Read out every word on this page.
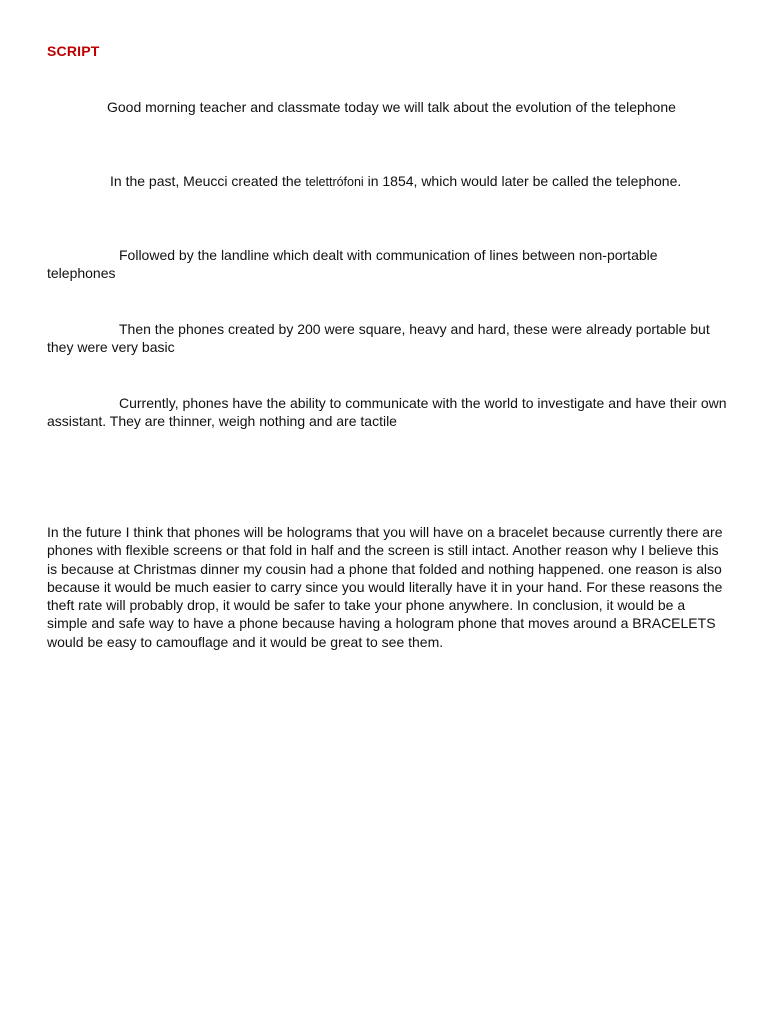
SCRIPT
Good morning teacher and classmate today we will talk about the evolution of the telephone
In the past, Meucci created the telettrófoni in 1854, which would later be called the telephone.
Followed by the landline which dealt with communication of lines between non-portable telephones
Then the phones created by 200 were square, heavy and hard, these were already portable but they were very basic
Currently, phones have the ability to communicate with the world to investigate and have their own assistant. They are thinner, weigh nothing and are tactile
In the future I think that phones will be holograms that you will have on a bracelet because currently there are phones with flexible screens or that fold in half and the screen is still intact. Another reason why I believe this is because at Christmas dinner my cousin had a phone that folded and nothing happened. one reason is also because it would be much easier to carry since you would literally have it in your hand. For these reasons the theft rate will probably drop, it would be safer to take your phone anywhere. In conclusion, it would be a simple and safe way to have a phone because having a hologram phone that moves around a BRACELETS would be easy to camouflage and it would be great to see them.
